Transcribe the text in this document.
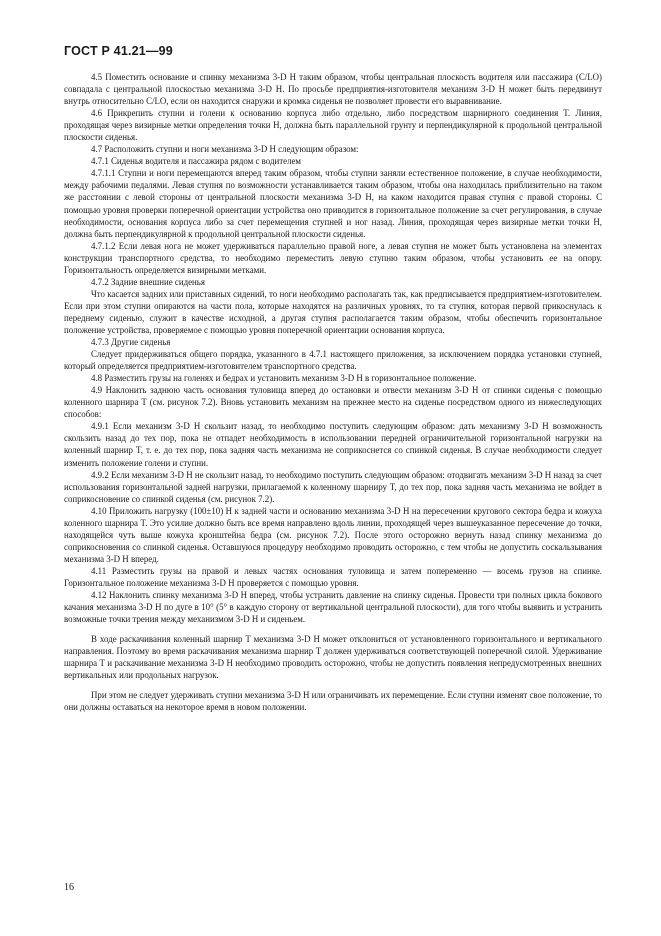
ГОСТ Р 41.21—99

4.5 Поместить основание и спинку механизма 3-D H таким образом, чтобы центральная плоскость водителя или пассажира (C/LO) совпадала с центральной плоскостью механизма 3-D H. По просьбе предприятия-изготовителя механизм 3-D H может быть передвинут внутрь относительно C/LO, если он находится снаружи и кромка сиденья не позволяет провести его выравнивание.

4.6 Прикрепить ступни и голени к основанию корпуса либо отдельно, либо посредством шарнирного соединения T. Линия, проходящая через визирные метки определения точки H, должна быть параллельной грунту и перпендикулярной к продольной центральной плоскости сиденья.

4.7 Расположить ступни и ноги механизма 3-D H следующим образом:

4.7.1 Сиденья водителя и пассажира рядом с водителем

4.7.1.1 Ступни и ноги перемещаются вперед таким образом, чтобы ступни заняли естественное положение, в случае необходимости, между рабочими педалями. Левая ступня по возможности устанавливается таким образом, чтобы она находилась приблизительно на таком же расстоянии с левой стороны от центральной плоскости механизма 3-D H, на каком находится правая ступня с правой стороны. С помощью уровня проверки поперечной ориентации устройства оно приводится в горизонтальное положение за счет регулирования, в случае необходимости, основания корпуса либо за счет перемещения ступней и ног назад. Линия, проходящая через визирные метки точки H, должна быть перпендикулярной к продольной центральной плоскости сиденья.

4.7.1.2 Если левая нога не может удерживаться параллельно правой ноге, а левая ступня не может быть установлена на элементах конструкции транспортного средства, то необходимо переместить левую ступню таким образом, чтобы установить ее на опору. Горизонтальность определяется визирными метками.

4.7.2 Задние внешние сиденья

Что касается задних или приставных сидений, то ноги необходимо располагать так, как предписывается предприятием-изготовителем. Если при этом ступни опираются на части пола, которые находятся на различных уровнях, то та ступня, которая первой прикоснулась к переднему сиденью, служит в качестве исходной, а другая ступня располагается таким образом, чтобы обеспечить горизонтальное положение устройства, проверяемое с помощью уровня поперечной ориентации основания корпуса.

4.7.3 Другие сиденья

Следует придерживаться общего порядка, указанного в 4.7.1 настоящего приложения, за исключением порядка установки ступней, который определяется предприятием-изготовителем транспортного средства.

4.8 Разместить грузы на голенях и бедрах и установить механизм 3-D H в горизонтальное положение.

4.9 Наклонить заднюю часть основания туловища вперед до остановки и отвести механизм 3-D H от спинки сиденья с помощью коленного шарнира T (см. рисунок 7.2). Вновь установить механизм на прежнее место на сиденье посредством одного из нижеследующих способов:

4.9.1 Если механизм 3-D H скользит назад, то необходимо поступить следующим образом: дать механизму 3-D H возможность скользить назад до тех пор, пока не отпадет необходимость в использовании передней ограничительной горизонтальной нагрузки на коленный шарнир T, т. е. до тех пор, пока задняя часть механизма не соприкоснется со спинкой сиденья. В случае необходимости следует изменить положение голени и ступни.

4.9.2 Если механизм 3-D H не скользит назад, то необходимо поступить следующим образом: отодвигать механизм 3-D H назад за счет использования горизонтальной задней нагрузки, прилагаемой к коленному шарниру T, до тех пор, пока задняя часть механизма не войдет в соприкосновение со спинкой сиденья (см. рисунок 7.2).

4.10 Приложить нагрузку (100±10) Н к задней части и основанию механизма 3-D H на пересечении кругового сектора бедра и кожуха коленного шарнира T. Это усилие должно быть все время направлено вдоль линии, проходящей через вышеуказанное пересечение до точки, находящейся чуть выше кожуха кронштейна бедра (см. рисунок 7.2). После этого осторожно вернуть назад спинку механизма до соприкосновения со спинкой сиденья. Оставшуюся процедуру необходимо проводить осторожно, с тем чтобы не допустить соскальзывания механизма 3-D H вперед.

4.11 Разместить грузы на правой и левых частях основания туловища и затем попеременно — восемь грузов на спинке. Горизонтальное положение механизма 3-D H проверяется с помощью уровня.

4.12 Наклонить спинку механизма 3-D H вперед, чтобы устранить давление на спинку сиденья. Провести три полных цикла бокового качания механизма 3-D H по дуге в 10° (5° в каждую сторону от вертикальной центральной плоскости), для того чтобы выявить и устранить возможные точки трения между механизмом 3-D H и сиденьем.

В ходе раскачивания коленный шарнир T механизма 3-D H может отклониться от установленного горизонтального и вертикального направления. Поэтому во время раскачивания механизма шарнир T должен удерживаться соответствующей поперечной силой. Удерживание шарнира T и раскачивание механизма 3-D H необходимо проводить осторожно, чтобы не допустить появления непредусмотренных внешних вертикальных или продольных нагрузок.

При этом не следует удерживать ступни механизма 3-D H или ограничивать их перемещение. Если ступни изменят свое положение, то они должны оставаться на некоторое время в новом положении.

16
